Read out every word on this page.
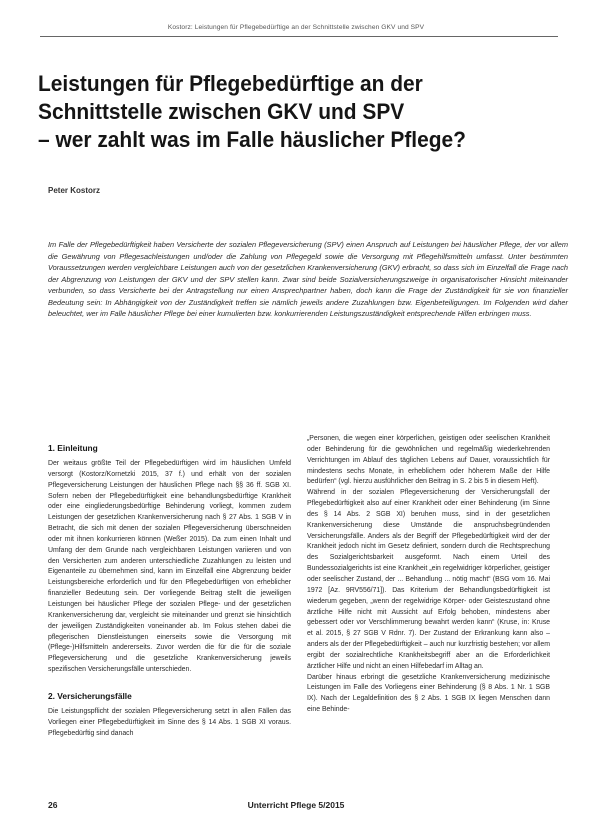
Kostorz: Leistungen für Pflegebedürftige an der Schnittstelle zwischen GKV und SPV
Leistungen für Pflegebedürftige an der
Schnittstelle zwischen GKV und SPV
– wer zahlt was im Falle häuslicher Pflege?
Peter Kostorz
Im Falle der Pflegebedürftigkeit haben Versicherte der sozialen Pflegeversicherung (SPV) einen Anspruch auf Leistungen bei häuslicher Pflege, der vor allem die Gewährung von Pflegesachleistungen und/oder die Zahlung von Pflegegeld sowie die Versorgung mit Pflegehilfsmitteln umfasst. Unter bestimmten Voraussetzungen werden vergleichbare Leistungen auch von der gesetzlichen Krankenversicherung (GKV) erbracht, so dass sich im Einzelfall die Frage nach der Abgrenzung von Leistungen der GKV und der SPV stellen kann. Zwar sind beide Sozialversicherungszweige in organisatorischer Hinsicht miteinander verbunden, so dass Versicherte bei der Antragstellung nur einen Ansprechpartner haben, doch kann die Frage der Zuständigkeit für sie von finanzieller Bedeutung sein: In Abhängigkeit von der Zuständigkeit treffen sie nämlich jeweils andere Zuzahlungen bzw. Eigenbeteiligungen. Im Folgenden wird daher beleuchtet, wer im Falle häuslicher Pflege bei einer kumulierten bzw. konkurrierenden Leistungszuständigkeit entsprechende Hilfen erbringen muss.
1. Einleitung

Der weitaus größte Teil der Pflegebedürftigen wird im häuslichen Umfeld versorgt (Kostorz/Kornetzki 2015, 37 f.) und erhält von der sozialen Pflegeversicherung Leistungen der häuslichen Pflege nach §§ 36 ff. SGB XI. Sofern neben der Pflegebedürftigkeit eine behandlungsbedürftige Krankheit oder eine eingliederungsbedürftige Behinderung vorliegt, kommen zudem Leistungen der gesetzlichen Krankenversicherung nach § 27 Abs. 1 SGB V in Betracht, die sich mit denen der sozialen Pflegeversicherung überschneiden oder mit ihnen konkurrieren können (Weßer 2015). Da zum einen Inhalt und Umfang der dem Grunde nach vergleichbaren Leistungen variieren und von den Versicherten zum anderen unterschiedliche Zuzahlungen zu leisten und Eigenanteile zu übernehmen sind, kann im Einzelfall eine Abgrenzung beider Leistungsbereiche erforderlich und für den Pflegebedürftigen von erheblicher finanzieller Bedeutung sein. Der vorliegende Beitrag stellt die jeweiligen Leistungen bei häuslicher Pflege der sozialen Pflege- und der gesetzlichen Krankenversicherung dar, vergleicht sie miteinander und grenzt sie hinsichtlich der jeweiligen Zuständigkeiten voneinander ab. Im Fokus stehen dabei die pflegerischen Dienstleistungen einerseits sowie die Versorgung mit (Pflege-)Hilfsmitteln andererseits. Zuvor werden die für die für die soziale Pflegeversicherung und die gesetzliche Krankenversicherung jeweils spezifischen Versicherungsfälle unterschieden.

2. Versicherungsfälle

Die Leistungspflicht der sozialen Pflegeversicherung setzt in allen Fällen das Vorliegen einer Pflegebedürftigkeit im Sinne des § 14 Abs. 1 SGB XI voraus. Pflegebedürftig sind danach

„Personen, die wegen einer körperlichen, geistigen oder seelischen Krankheit oder Behinderung für die gewöhnlichen und regelmäßig wiederkehrenden Verrichtungen im Ablauf des täglichen Lebens auf Dauer, voraussichtlich für mindestens sechs Monate, in erheblichem oder höherem Maße der Hilfe bedürfen“ (vgl. hierzu ausführlicher den Beitrag in S. 2 bis 5 in diesem Heft).

Während in der sozialen Pflegeversicherung der Versicherungsfall der Pflegebedürftigkeit also auf einer Krankheit oder einer Behinderung (im Sinne des § 14 Abs. 2 SGB XI) beruhen muss, sind in der gesetzlichen Krankenversicherung diese Umstände die anspruchsbegründenden Versicherungsfälle. Anders als der Begriff der Pflegebedürftigkeit wird der der Krankheit jedoch nicht im Gesetz definiert, sondern durch die Rechtsprechung des Sozialgerichtsbarkeit ausgeformt. Nach einem Urteil des Bundessozialgerichts ist eine Krankheit „ein regelwidriger körperlicher, geistiger oder seelischer Zustand, der ... Behandlung ... nötig macht“ (BSG vom 16. Mai 1972 [Az. 9RV556/71]). Das Kriterium der Behandlungsbedürftigkeit ist wiederum gegeben, „wenn der regelwidrige Körper- oder Geisteszustand ohne ärztliche Hilfe nicht mit Aussicht auf Erfolg behoben, mindestens aber gebessert oder vor Verschlimmerung bewahrt werden kann“ (Kruse, in: Kruse et al. 2015, § 27 SGB V Rdnr. 7). Der Zustand der Erkrankung kann also – anders als der der Pflegebedürftigkeit – auch nur kurzfristig bestehen; vor allem ergibt der sozialrechtliche Krankheitsbegriff aber an die Erforderlichkeit ärztlicher Hilfe und nicht an einen Hilfebedarf im Alltag an.

Darüber hinaus erbringt die gesetzliche Krankenversicherung medizinische Leistungen im Falle des Vorliegens einer Behinderung (§ 8 Abs. 1 Nr. 1 SGB IX). Nach der Legaldefinition des § 2 Abs. 1 SGB IX liegen Menschen dann eine Behinde-

26	Unterricht Pflege 5/2015
